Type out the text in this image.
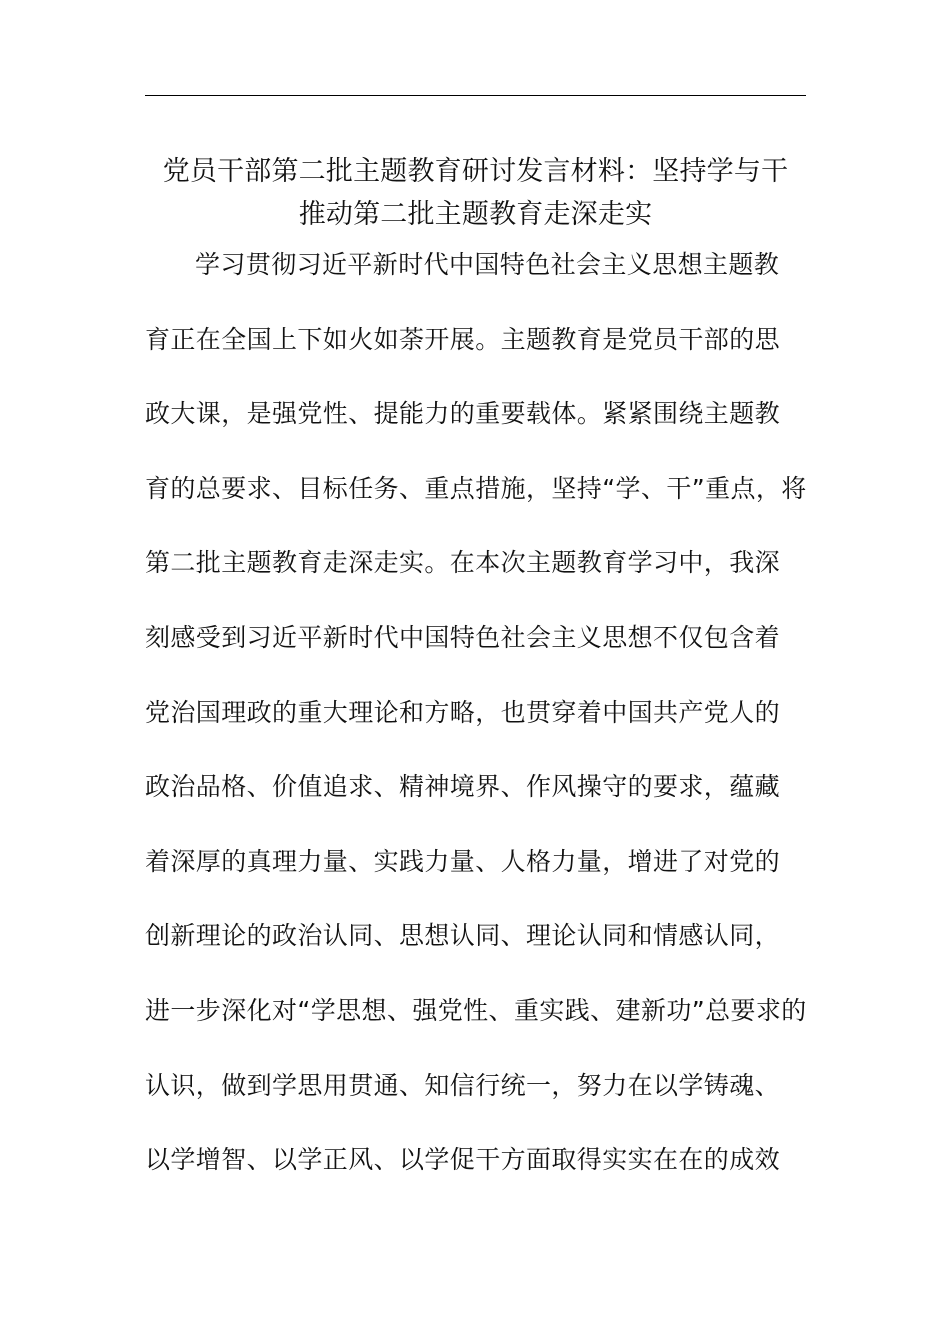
党员干部第二批主题教育研讨发言材料：坚持学与干
推动第二批主题教育走深走实
学习贯彻习近平新时代中国特色社会主义思想主题教
育正在全国上下如火如荼开展。主题教育是党员干部的思
政大课，是强党性、提能力的重要载体。紧紧围绕主题教
育的总要求、目标任务、重点措施，坚持“学、干”重点，将
第二批主题教育走深走实。在本次主题教育学习中，我深
刻感受到习近平新时代中国特色社会主义思想不仅包含着
党治国理政的重大理论和方略，也贯穿着中国共产党人的
政治品格、价值追求、精神境界、作风操守的要求，蕴藏
着深厚的真理力量、实践力量、人格力量，增进了对党的
创新理论的政治认同、思想认同、理论认同和情感认同，
进一步深化对“学思想、强党性、重实践、建新功”总要求的
认识，做到学思用贯通、知信行统一，努力在以学铸魂、
以学增智、以学正风、以学促干方面取得实实在在的成效
